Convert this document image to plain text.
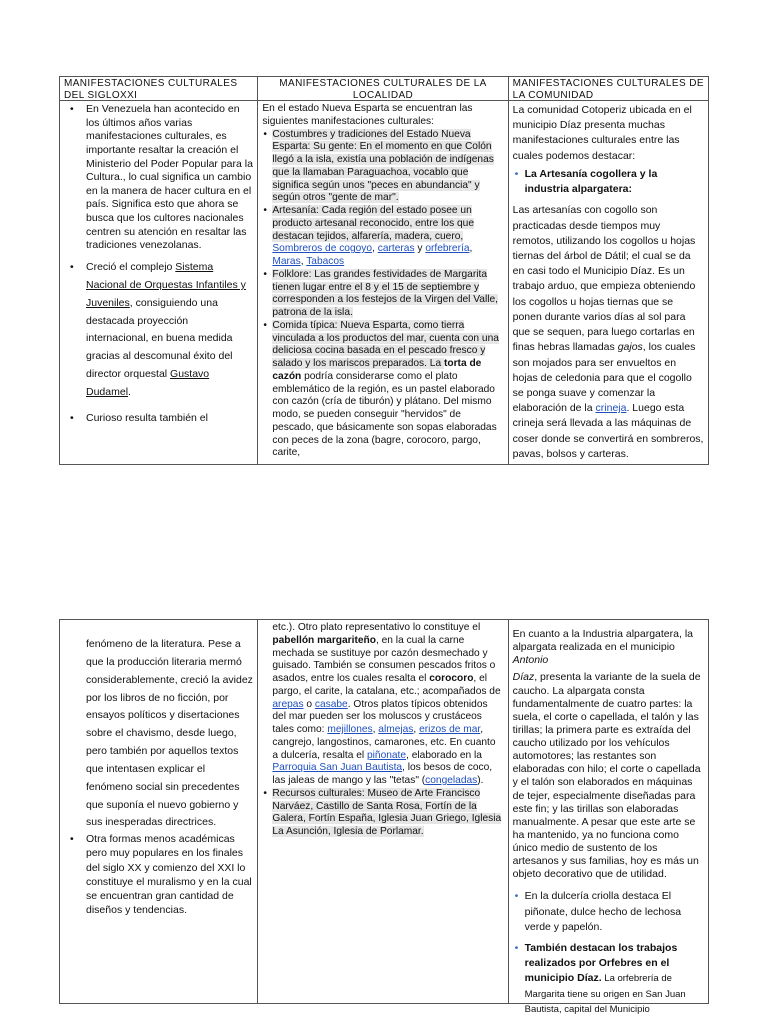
MANIFESTACIONES CULTURALES DEL SIGLOXXI
• En Venezuela han acontecido en los últimos años varias manifestaciones culturales, es importante resaltar la creación el Ministerio del Poder Popular para la Cultura., lo cual significa un cambio en la manera de hacer cultura en el país. Significa esto que ahora se busca que los cultores nacionales centren su atención en resaltar las tradiciones venezolanas.
• Creció el complejo Sistema Nacional de Orquestas Infantiles y Juveniles, consiguiendo una destacada proyección internacional, en buena medida gracias al descomunal éxito del director orquestal Gustavo Dudamel.
• Curioso resulta también el
MANIFESTACIONES CULTURALES DE LA LOCALIDAD
En el estado Nueva Esparta se encuentran las siguientes manifestaciones culturales:
• Costumbres y tradiciones del Estado Nueva Esparta: Su gente: En el momento en que Colón llegó a la isla, existía una población de indígenas que la llamaban Paraguachoa, vocablo que significa según unos "peces en abundancia" y según otros "gente de mar".
• Artesanía: Cada región del estado posee un producto artesanal reconocido, entre los que destacan tejidos, alfarería, madera, cuero, Sombreros de cogoyo, carteras y orfebrería, Maras, Tabacos
• Folklore: Las grandes festividades de Margarita tienen lugar entre el 8 y el 15 de septiembre y corresponden a los festejos de la Virgen del Valle, patrona de la isla.
• Comida típica: Nueva Esparta, como tierra vinculada a los productos del mar, cuenta con una deliciosa cocina basada en el pescado fresco y salado y los mariscos preparados. La torta de cazón podría considerarse como el plato emblemático de la región, es un pastel elaborado con cazón (cría de tiburón) y plátano. Del mismo modo, se pueden conseguir "hervidos" de pescado, que básicamente son sopas elaboradas con peces de la zona (bagre, corocoro, pargo, carite,
MANIFESTACIONES CULTURALES DE LA COMUNIDAD
La comunidad Cotoperiz ubicada en el municipio Díaz presenta muchas manifestaciones culturales entre las cuales podemos destacar:
• La Artesanía cogollera y la industria alpargatera:
Las artesanías con cogollo son practicadas desde tiempos muy remotos, utilizando los cogollos u hojas tiernas del árbol de Dátil; el cual se da en casi todo el Municipio Díaz. Es un trabajo arduo, que empieza obteniendo los cogollos u hojas tiernas que se ponen durante varios días al sol para que se sequen, para luego cortarlas en finas hebras llamadas gajos, los cuales son mojados para ser envueltos en hojas de celedonia para que el cogollo se ponga suave y comenzar la elaboración de la crineja. Luego esta crineja será llevada a las máquinas de coser donde se convertirá en sombreros, pavas, bolsos y carteras.
fenómeno de la literatura. Pese a que la producción literaria mermó considerablemente, creció la avidez por los libros de no ficción, por ensayos políticos y disertaciones sobre el chavismo, desde luego, pero también por aquellos textos que intentasen explicar el fenómeno social sin precedentes que suponía el nuevo gobierno y sus inesperadas directrices.
• Otra formas menos académicas pero muy populares en los finales del siglo XX y comienzo del XXI lo constituye el muralismo y en la cual se encuentran gran cantidad de diseños y tendencias.
etc.). Otro plato representativo lo constituye el pabellón margariteño, en la cual la carne mechada se sustituye por cazón desmechado y guisado. También se consumen pescados fritos o asados, entre los cuales resalta el corocoro, el pargo, el carite, la catalana, etc.; acompañados de arepas o casabe. Otros platos típicos obtenidos del mar pueden ser los moluscos y crustáceos tales como: mejillones, almejas, erizos de mar, cangrejo, langostinos, camarones, etc. En cuanto a dulcería, resalta el piñonate, elaborado en la Parroquia San Juan Bautista, los besos de coco, las jaleas de mango y las "tetas" (congeladas).
• Recursos culturales: Museo de Arte Francisco Narváez, Castillo de Santa Rosa, Fortín de la Galera, Fortín España, Iglesia Juan Griego, Iglesia La Asunción, Iglesia de Porlamar.
En cuanto a la Industria alpargatera, la alpargata realizada en el municipio Antonio
Díaz, presenta la variante de la suela de caucho. La alpargata consta fundamentalmente de cuatro partes: la suela, el corte o capellada, el talón y las tirillas; la primera parte es extraída del caucho utilizado por los vehículos automotores; las restantes son elaboradas con hilo; el corte o capellada y el talón son elaborados en máquinas de tejer, especialmente diseñadas para este fin; y las tirillas son elaboradas manualmente. A pesar que este arte se ha mantenido, ya no funciona como único medio de sustento de los artesanos y sus familias, hoy es más un objeto decorativo que de utilidad.
• En la dulcería criolla destaca El piñonate, dulce hecho de lechosa verde y papelón.
• También destacan los trabajos realizados por Orfebres en el municipio Díaz. La orfebrería de Margarita tiene su origen en San Juan Bautista, capital del Municipio
